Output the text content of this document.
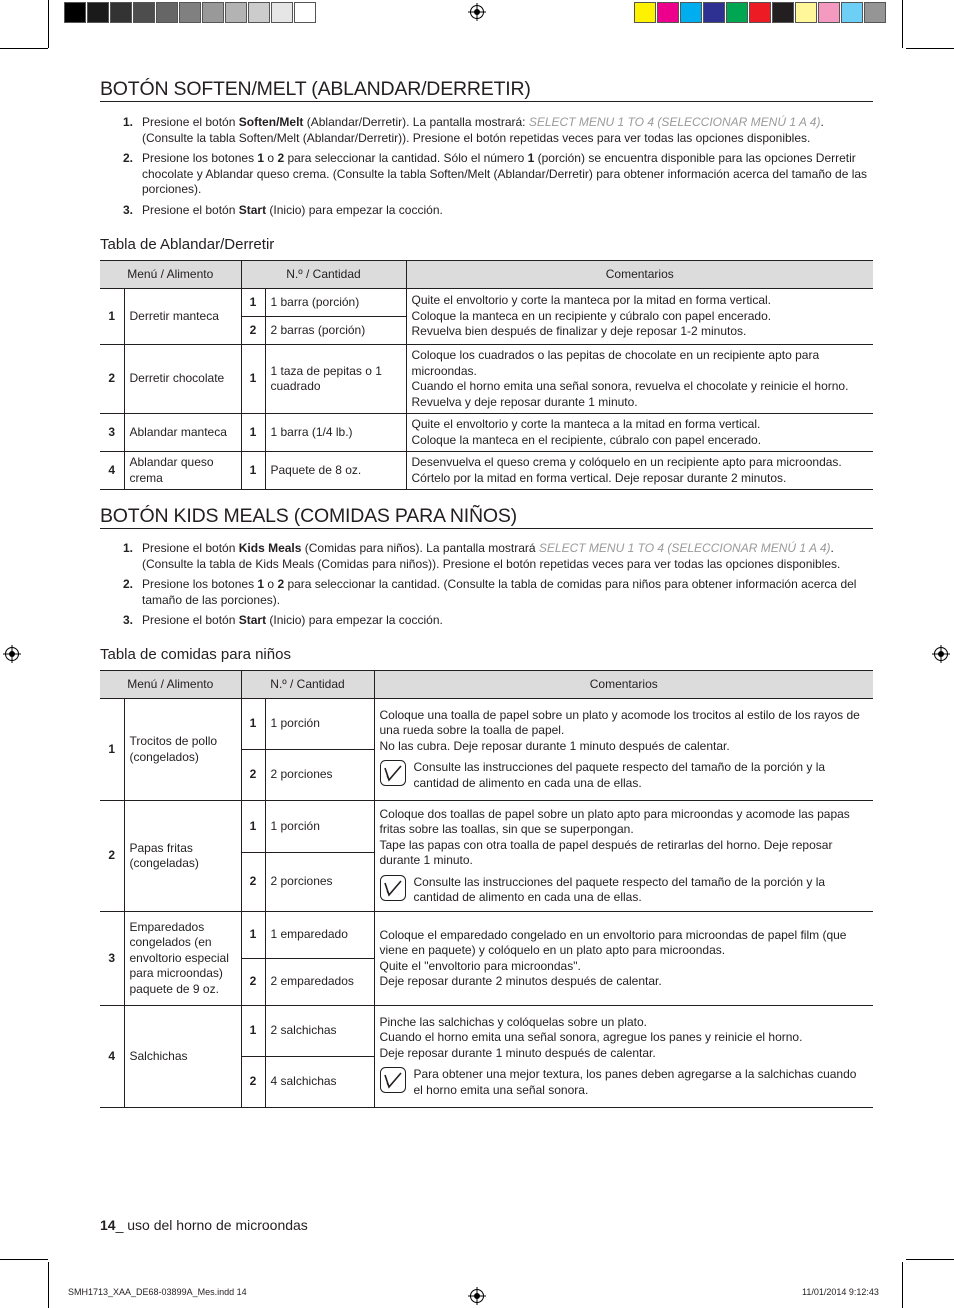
BOTÓN SOFTEN/MELT (ABLANDAR/DERRETIR)
1. Presione el botón Soften/Melt (Ablandar/Derretir). La pantalla mostrará: SELECT MENU 1 TO 4 (SELECCIONAR MENÚ 1 A 4). (Consulte la tabla Soften/Melt (Ablandar/Derretir)). Presione el botón repetidas veces para ver todas las opciones disponibles.
2. Presione los botones 1 o 2 para seleccionar la cantidad. Sólo el número 1 (porción) se encuentra disponible para las opciones Derretir chocolate y Ablandar queso crema. (Consulte la tabla Soften/Melt (Ablandar/Derretir) para obtener información acerca del tamaño de las porciones).
3. Presione el botón Start (Inicio) para empezar la cocción.
Tabla de Ablandar/Derretir
Menú / Alimento		N.º / Cantidad		Comentarios
1	Derretir manteca	1	1 barra (porción)	Quite el envoltorio y corte la manteca por la mitad en forma vertical.
Coloque la manteca en un recipiente y cúbralo con papel encerado.
Revuelva bien después de finalizar y deje reposar 1-2 minutos.
		2	2 barras (porción)	
2	Derretir chocolate	1	1 taza de pepitas o 1 cuadrado	Coloque los cuadrados o las pepitas de chocolate en un recipiente apto para microondas.
Cuando el horno emita una señal sonora, revuelva el chocolate y reinicie el horno. Revuelva y deje reposar durante 1 minuto.
3	Ablandar manteca	1	1 barra (1/4 lb.)	Quite el envoltorio y corte la manteca a la mitad en forma vertical.
Coloque la manteca en el recipiente, cúbralo con papel encerado.
4	Ablandar queso crema	1	Paquete de 8 oz.	Desenvuelva el queso crema y colóquelo en un recipiente apto para microondas.
Córtelo por la mitad en forma vertical. Deje reposar durante 2 minutos.
BOTÓN KIDS MEALS (COMIDAS PARA NIÑOS)
1. Presione el botón Kids Meals (Comidas para niños). La pantalla mostrará SELECT MENU 1 TO 4 (SELECCIONAR MENÚ 1 A 4). (Consulte la tabla de Kids Meals (Comidas para niños)). Presione el botón repetidas veces para ver todas las opciones disponibles.
2. Presione los botones 1 o 2 para seleccionar la cantidad. (Consulte la tabla de comidas para niños para obtener información acerca del tamaño de las porciones).
3. Presione el botón Start (Inicio) para empezar la cocción.
Tabla de comidas para niños
Menú / Alimento		N.º / Cantidad		Comentarios
1	Trocitos de pollo (congelados)	1	1 porción	Coloque una toalla de papel sobre un plato y acomode los trocitos al estilo de los rayos de una rueda sobre la toalla de papel.
No las cubra. Deje reposar durante 1 minuto después de calentar.
Consulte las instrucciones del paquete respecto del tamaño de la porción y la cantidad de alimento en cada una de ellas.

		2	2 porciones	
2	Papas fritas (congeladas)	1	1 porción	Coloque dos toallas de papel sobre un plato apto para microondas y acomode las papas fritas sobre las toallas, sin que se superpongan.
Tape las papas con otra toalla de papel después de retirarlas del horno. Deje reposar durante 1 minuto.
Consulte las instrucciones del paquete respecto del tamaño de la porción y la cantidad de alimento en cada una de ellas.

		2	2 porciones	
3	Emparedados congelados (en envoltorio especial para microondas) paquete de 9 oz.	1	1 emparedado	Coloque el emparedado congelado en un envoltorio para microondas de papel film (que viene en paquete) y colóquelo en un plato apto para microondas.
Quite el "envoltorio para microondas".
Deje reposar durante 2 minutos después de calentar.
		2	2 emparedados	
4	Salchichas	1	2 salchichas	Pinche las salchichas y colóquelas sobre un plato.
Cuando el horno emita una señal sonora, agregue los panes y reinicie el horno.
Deje reposar durante 1 minuto después de calentar.
Para obtener una mejor textura, los panes deben agregarse a la salchichas cuando el horno emita una señal sonora.

		2	4 salchichas	
14_ uso del horno de microondas
SMH1713_XAA_DE68-03899A_Mes.indd 14	11/01/2014 9:12:43
